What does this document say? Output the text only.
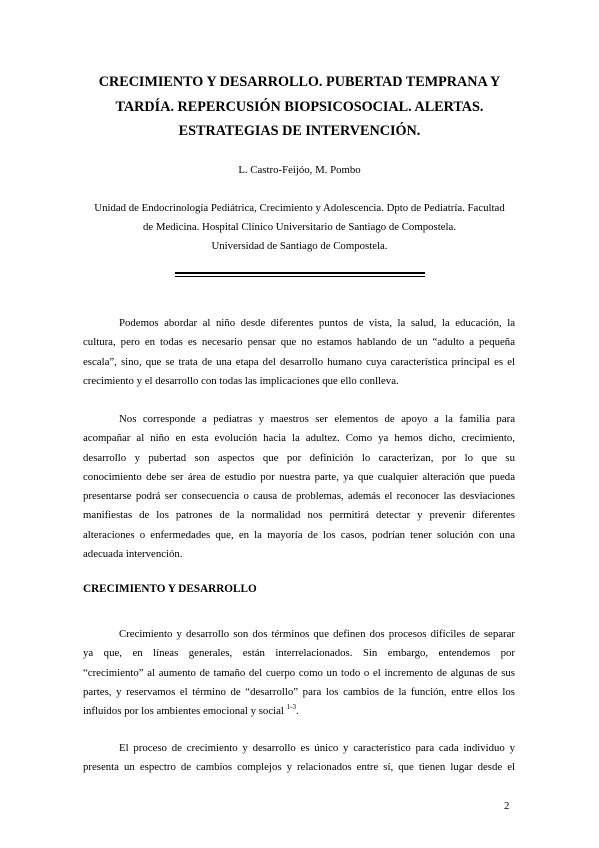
CRECIMIENTO Y DESARROLLO. PUBERTAD TEMPRANA Y
TARDÍA. REPERCUSIÓN BIOPSICOSOCIAL. ALERTAS.
ESTRATEGIAS DE INTERVENCIÓN.
L. Castro-Feijóo, M. Pombo
Unidad de Endocrinología Pediátrica, Crecimiento y Adolescencia. Dpto de Pediatría. Facultad
de Medicina. Hospital Clínico Universitario de Santiago de Compostela.
Universidad de Santiago de Compostela.
Podemos abordar al niño desde diferentes puntos de vista, la salud, la educación, la
cultura, pero en todas es necesario pensar que no estamos hablando de un “adulto a pequeña
escala”, sino, que se trata de una etapa del desarrollo humano cuya característica principal es el
crecimiento y el desarrollo con todas las implicaciones que ello conlleva.
Nos corresponde a pediatras y maestros ser elementos de apoyo a la familia para
acompañar al niño en esta evolución hacia la adultez. Como ya hemos dicho, crecimiento,
desarrollo y pubertad son aspectos que por definición lo caracterizan, por lo que su
conocimiento debe ser área de estudio por nuestra parte, ya que cualquier alteración que pueda
presentarse podrá ser consecuencia o causa de problemas, además el reconocer las desviaciones
manifiestas de los patrones de la normalidad nos permitirá detectar y prevenir diferentes
alteraciones o enfermedades que, en la mayoría de los casos, podrían tener solución con una
adecuada intervención.
CRECIMIENTO Y DESARROLLO
Crecimiento y desarrollo son dos términos que definen dos procesos difíciles de separar
ya que, en líneas generales, están interrelacionados. Sin embargo, entendemos por
“crecimiento” al aumento de tamaño del cuerpo como un todo o el incremento de algunas de sus
partes, y reservamos el término de “desarrollo” para los cambios de la función, entre ellos los
influidos por los ambientes emocional y social $^{1-3}$.
El proceso de crecimiento y desarrollo es único y característico para cada individuo y
presenta un espectro de cambios complejos y relacionados entre sí, que tienen lugar desde el
2
